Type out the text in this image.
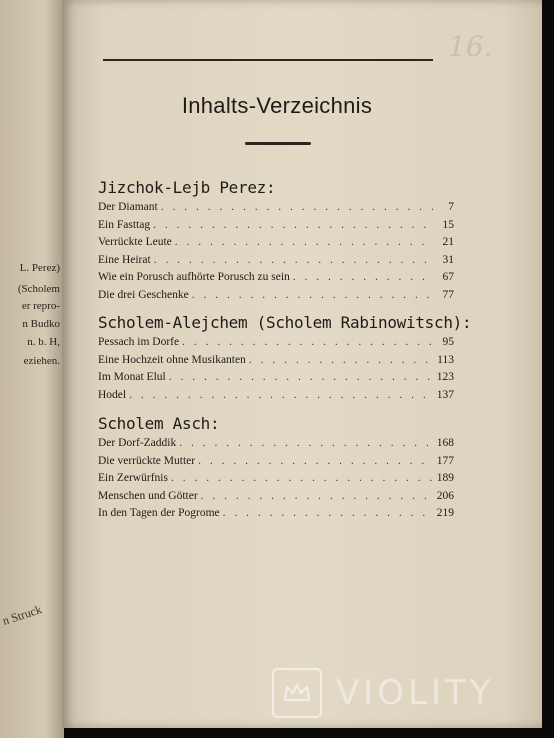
L. Perez)
(Scholem
er repro-
n Budko
n. b. H,
eziehen.
n Struck
16.
Inhalts-Verzeichnis
Jizchok-Lejb Perez:
Der Diamant . . .	7
Ein Fasttag . . .	15
Verrückte Leute . . .	21
Eine Heirat . . .	31
Wie ein Porusch aufhörte Porusch zu sein . . .	67
Die drei Geschenke . . .	77
Scholem-Alejchem (Scholem Rabinowitsch):
Pessach im Dorfe . . .	95
Eine Hochzeit ohne Musikanten . . .	113
Im Monat Elul . . .	123
Hodel . . .	137
Scholem Asch:
Der Dorf-Zaddik . . .	168
Die verrückte Mutter . . .	177
Ein Zerwürfnis . . .	189
Menschen und Götter . . .	206
In den Tagen der Pogrome . . .	219
VIOLITY
